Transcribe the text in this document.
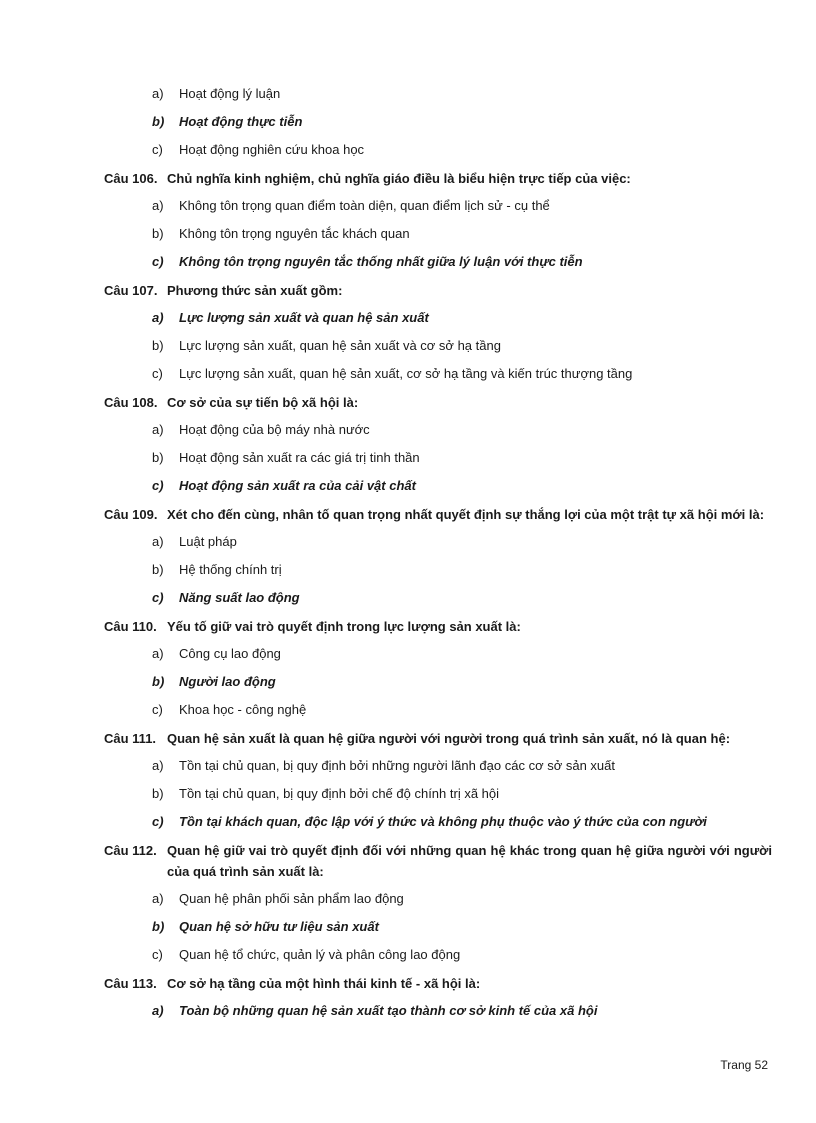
a) Hoạt động lý luận
b) Hoạt động thực tiễn
c) Hoạt động nghiên cứu khoa học
Câu 106. Chủ nghĩa kinh nghiệm, chủ nghĩa giáo điều là biểu hiện trực tiếp của việc:
a) Không tôn trọng quan điểm toàn diện, quan điểm lịch sử - cụ thể
b) Không tôn trọng nguyên tắc khách quan
c) Không tôn trọng nguyên tắc thống nhất giữa lý luận với thực tiễn
Câu 107. Phương thức sản xuất gồm:
a) Lực lượng sản xuất và quan hệ sản xuất
b) Lực lượng sản xuất, quan hệ sản xuất và cơ sở hạ tầng
c) Lực lượng sản xuất, quan hệ sản xuất, cơ sở hạ tầng và kiến trúc thượng tầng
Câu 108. Cơ sở của sự tiến bộ xã hội là:
a) Hoạt động của bộ máy nhà nước
b) Hoạt động sản xuất ra các giá trị tinh thần
c) Hoạt động sản xuất ra của cải vật chất
Câu 109. Xét cho đến cùng, nhân tố quan trọng nhất quyết định sự thắng lợi của một trật tự xã hội mới là:
a) Luật pháp
b) Hệ thống chính trị
c) Năng suất lao động
Câu 110. Yếu tố giữ vai trò quyết định trong lực lượng sản xuất là:
a) Công cụ lao động
b) Người lao động
c) Khoa học - công nghệ
Câu 111. Quan hệ sản xuất là quan hệ giữa người với người trong quá trình sản xuất, nó là quan hệ:
a) Tồn tại chủ quan, bị quy định bởi những người lãnh đạo các cơ sở sản xuất
b) Tồn tại chủ quan, bị quy định bởi chế độ chính trị xã hội
c) Tồn tại khách quan, độc lập với ý thức và không phụ thuộc vào ý thức của con người
Câu 112. Quan hệ giữ vai trò quyết định đối với những quan hệ khác trong quan hệ giữa người với người của quá trình sản xuất là:
a) Quan hệ phân phối sản phẩm lao động
b) Quan hệ sở hữu tư liệu sản xuất
c) Quan hệ tổ chức, quản lý và phân công lao động
Câu 113. Cơ sở hạ tầng của một hình thái kinh tế - xã hội là:
a) Toàn bộ những quan hệ sản xuất tạo thành cơ sở kinh tế của xã hội
Trang 52
